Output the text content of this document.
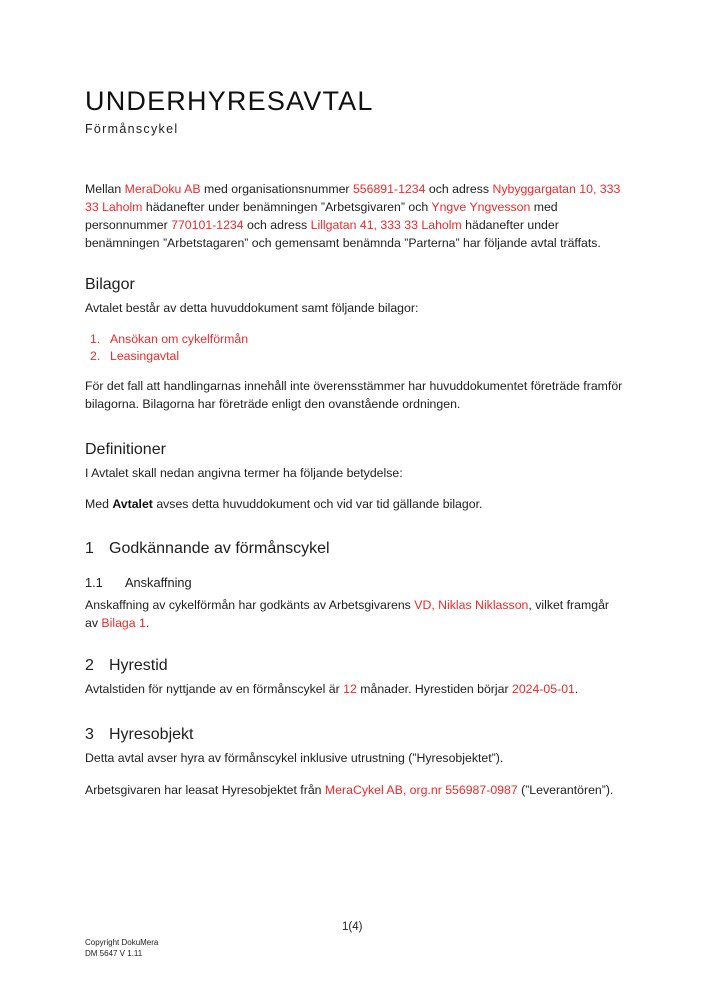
UNDERHYRESAVTAL
Förmånscykel
Mellan MeraDoku AB med organisationsnummer 556891-1234 och adress Nybyggargatan 10, 333 33 Laholm hädanefter under benämningen ”Arbetsgivaren” och Yngve Yngvesson med personnummer 770101-1234 och adress Lillgatan 41, 333 33 Laholm hädanefter under benämningen ”Arbetstagaren” och gemensamt benämnda ”Parterna” har följande avtal träffats.
Bilagor
Avtalet består av detta huvuddokument samt följande bilagor:
1. Ansökan om cykelförmån
2. Leasingavtal
För det fall att handlingarnas innehåll inte överensstämmer har huvuddokumentet företräde framför bilagorna. Bilagorna har företräde enligt den ovanstående ordningen.
Definitioner
I Avtalet skall nedan angivna termer ha följande betydelse:
Med Avtalet avses detta huvuddokument och vid var tid gällande bilagor.
1 Godkännande av förmånscykel
1.1 Anskaffning
Anskaffning av cykelförmån har godkänts av Arbetsgivarens VD, Niklas Niklasson, vilket framgår av Bilaga 1.
2 Hyrestid
Avtalstiden för nyttjande av en förmånscykel är 12 månader. Hyrestiden börjar 2024-05-01.
3 Hyresobjekt
Detta avtal avser hyra av förmånscykel inklusive utrustning (”Hyresobjektet”).
Arbetsgivaren har leasat Hyresobjektet från MeraCykel AB, org.nr 556987-0987 (”Leverantören”).
1(4)
Copyright DokuMera
DM 5647 V 1.11
